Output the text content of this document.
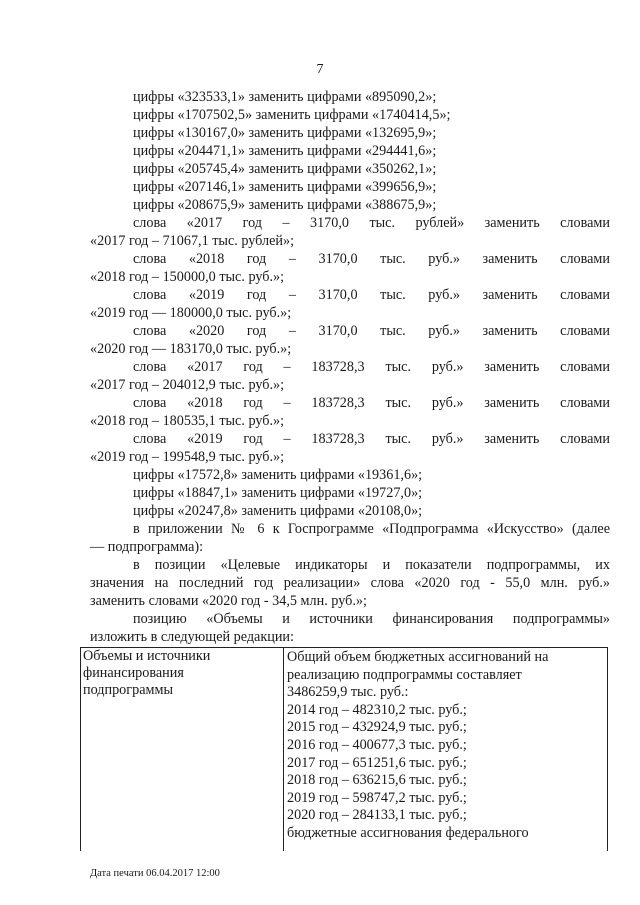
7
цифры «323533,1» заменить цифрами «895090,2»;
цифры «1707502,5» заменить цифрами «1740414,5»;
цифры «130167,0» заменить цифрами «132695,9»;
цифры «204471,1» заменить цифрами «294441,6»;
цифры «205745,4» заменить цифрами «350262,1»;
цифры «207146,1» заменить цифрами «399656,9»;
цифры «208675,9» заменить цифрами «388675,9»;
слова «2017 год – 3170,0 тыс. рублей» заменить словами
«2017 год – 71067,1 тыс. рублей»;
слова «2018 год – 3170,0 тыс. руб.» заменить словами
«2018 год – 150000,0 тыс. руб.»;
слова «2019 год – 3170,0 тыс. руб.» заменить словами
«2019 год — 180000,0 тыс. руб.»;
слова «2020 год – 3170,0 тыс. руб.» заменить словами
«2020 год — 183170,0 тыс. руб.»;
слова «2017 год – 183728,3 тыс. руб.» заменить словами
«2017 год – 204012,9 тыс. руб.»;
слова «2018 год – 183728,3 тыс. руб.» заменить словами
«2018 год – 180535,1 тыс. руб.»;
слова «2019 год – 183728,3 тыс. руб.» заменить словами
«2019 год – 199548,9 тыс. руб.»;
цифры «17572,8» заменить цифрами «19361,6»;
цифры «18847,1» заменить цифрами «19727,0»;
цифры «20247,8» заменить цифрами «20108,0»;
в приложении № 6 к Госпрограмме «Подпрограмма «Искусство» (далее
— подпрограмма):
в позиции «Целевые индикаторы и показатели подпрограммы, их
значения на последний год реализации» слова «2020 год - 55,0 млн. руб.»
заменить словами «2020 год - 34,5 млн. руб.»;
позицию «Объемы и источники финансирования подпрограммы»
изложить в следующей редакции:
Объемы и источники
финансирования
подпрограммы
Общий объем бюджетных ассигнований на
реализацию подпрограммы составляет
3486259,9 тыс. руб.:
2014 год – 482310,2 тыс. руб.;
2015 год – 432924,9 тыс. руб.;
2016 год – 400677,3 тыс. руб.;
2017 год – 651251,6 тыс. руб.;
2018 год – 636215,6 тыс. руб.;
2019 год – 598747,2 тыс. руб.;
2020 год – 284133,1 тыс. руб.;
бюджетные ассигнования федерального
Дата печати 06.04.2017 12:00
